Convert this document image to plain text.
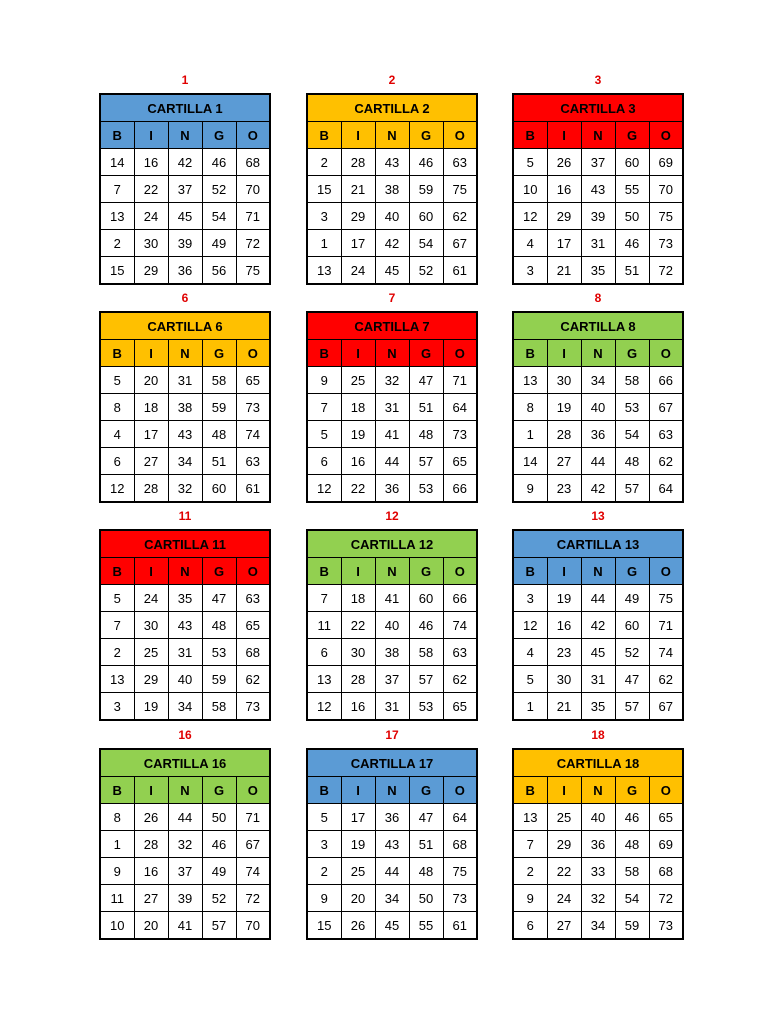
1
CARTILLA 1				
B	I	N	G	O
14	16	42	46	68
7	22	37	52	70
13	24	45	54	71
2	30	39	49	72
15	29	36	56	75
2
CARTILLA 2				
B	I	N	G	O
2	28	43	46	63
15	21	38	59	75
3	29	40	60	62
1	17	42	54	67
13	24	45	52	61
3
CARTILLA 3				
B	I	N	G	O
5	26	37	60	69
10	16	43	55	70
12	29	39	50	75
4	17	31	46	73
3	21	35	51	72
6
CARTILLA 6				
B	I	N	G	O
5	20	31	58	65
8	18	38	59	73
4	17	43	48	74
6	27	34	51	63
12	28	32	60	61
7
CARTILLA 7				
B	I	N	G	O
9	25	32	47	71
7	18	31	51	64
5	19	41	48	73
6	16	44	57	65
12	22	36	53	66
8
CARTILLA 8				
B	I	N	G	O
13	30	34	58	66
8	19	40	53	67
1	28	36	54	63
14	27	44	48	62
9	23	42	57	64
11
CARTILLA 11				
B	I	N	G	O
5	24	35	47	63
7	30	43	48	65
2	25	31	53	68
13	29	40	59	62
3	19	34	58	73
12
CARTILLA 12				
B	I	N	G	O
7	18	41	60	66
11	22	40	46	74
6	30	38	58	63
13	28	37	57	62
12	16	31	53	65
13
CARTILLA 13				
B	I	N	G	O
3	19	44	49	75
12	16	42	60	71
4	23	45	52	74
5	30	31	47	62
1	21	35	57	67
16
CARTILLA 16				
B	I	N	G	O
8	26	44	50	71
1	28	32	46	67
9	16	37	49	74
11	27	39	52	72
10	20	41	57	70
17
CARTILLA 17				
B	I	N	G	O
5	17	36	47	64
3	19	43	51	68
2	25	44	48	75
9	20	34	50	73
15	26	45	55	61
18
CARTILLA 18				
B	I	N	G	O
13	25	40	46	65
7	29	36	48	69
2	22	33	58	68
9	24	32	54	72
6	27	34	59	73
